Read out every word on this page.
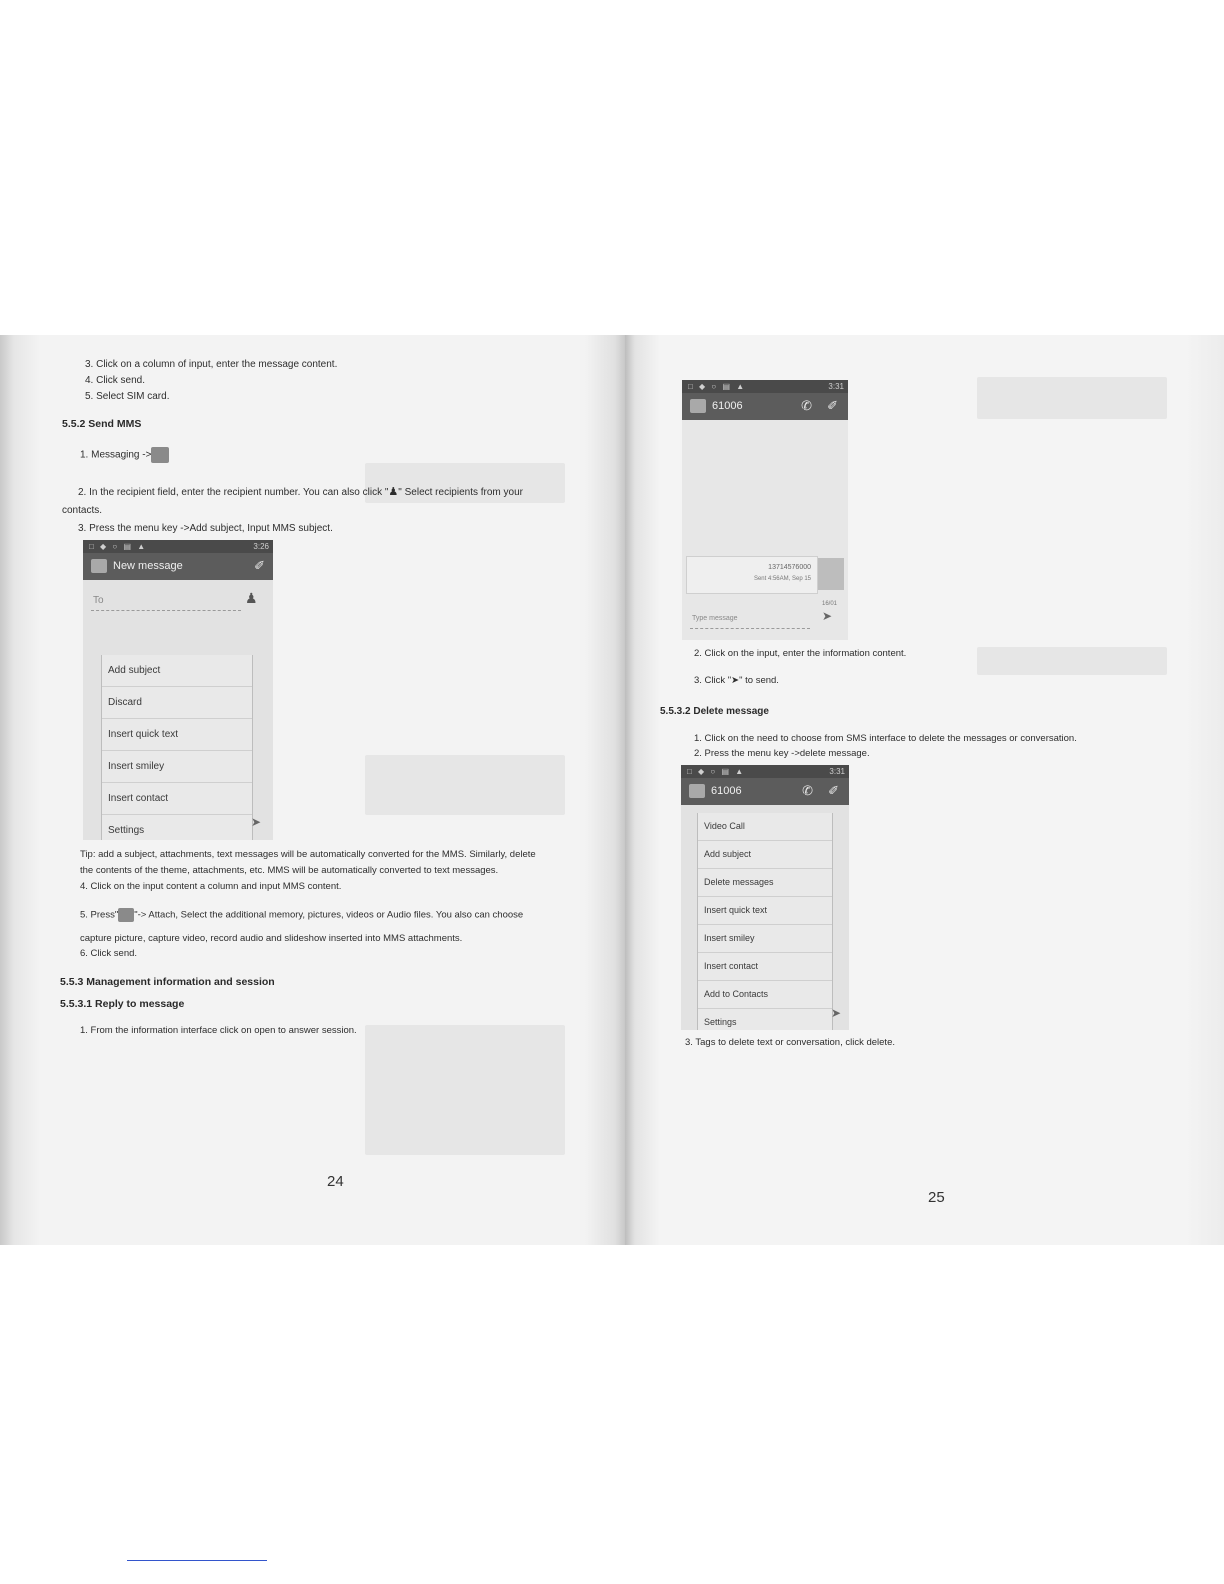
3. Click on a column of input, enter the message content.
4. Click send.
5. Select SIM card.
5.5.2 Send MMS
1. Messaging ->
2. In the recipient field, enter the recipient number. You can also click "♟" Select recipients from your
contacts.
3. Press the menu key ->Add subject, Input MMS subject.
□ ◆ ○ ▤ ▲	3:26
New message	✐
To	♟
Add subject
Discard
Insert quick text
Insert smiley
Insert contact
Settings
➤
Tip: add a subject, attachments, text messages will be automatically converted for the MMS. Similarly, delete
the contents of the theme, attachments, etc. MMS will be automatically converted to text messages.
4. Click on the input content a column and input MMS content.
5. Press" "-> Attach, Select the additional memory, pictures, videos or Audio files. You also can choose
capture picture, capture video, record audio and slideshow inserted into MMS attachments.
6. Click send.
5.5.3 Management information and session
5.5.3.1 Reply to message
1. From the information interface click on open to answer session.
24
□ ◆ ○ ▤ ▲	3:31
61006	✆ ✐
13714576000
Sent 4:56AM, Sep 15
16/01
Type message	➤
2. Click on the input, enter the information content.
3. Click "➤" to send.
5.5.3.2 Delete message
1. Click on the need to choose from SMS interface to delete the messages or conversation.
2. Press the menu key ->delete message.
□ ◆ ○ ▤ ▲	3:31
61006	✆ ✐
Video Call
Add subject
Delete messages
Insert quick text
Insert smiley
Insert contact
Add to Contacts
Settings
➤
3. Tags to delete text or conversation, click delete.
25
